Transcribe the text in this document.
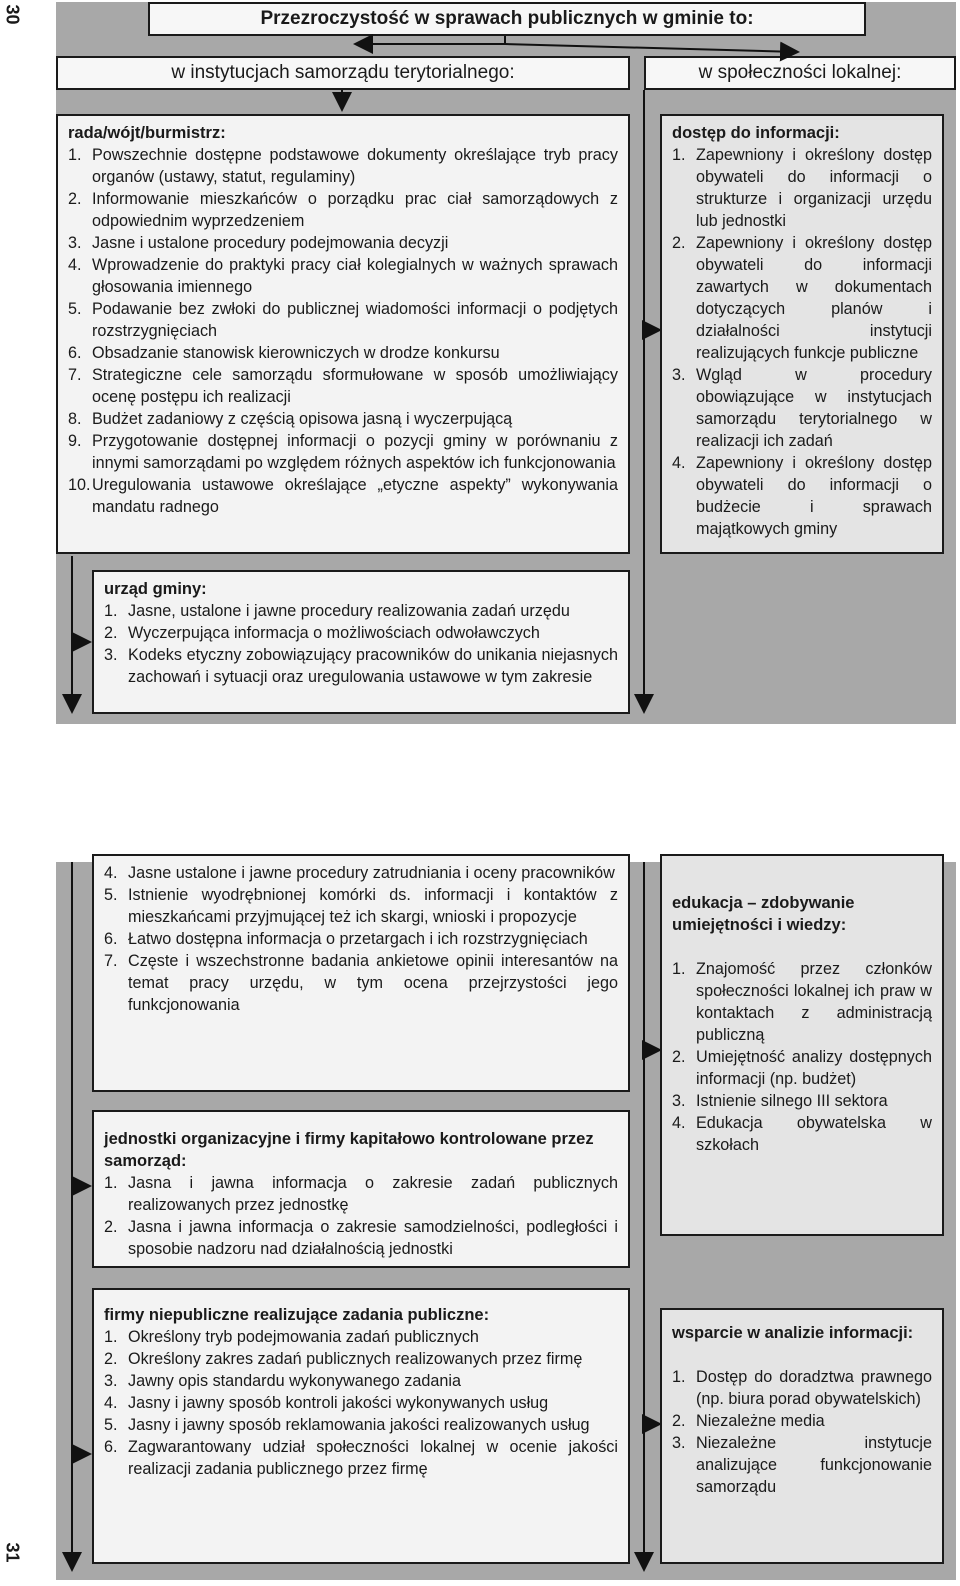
30
31
Przezroczystość w sprawach publicznych w gminie to:
w instytucjach samorządu terytorialnego:	w społeczności lokalnej:
rada/wójt/burmistrz:
1. Powszechnie dostępne podstawowe dokumenty określające tryb pracy organów (ustawy, statut, regulaminy)
2. Informowanie mieszkańców o porządku prac ciał samorządowych z odpowiednim wyprzedzeniem
3. Jasne i ustalone procedury podejmowania decyzji
4. Wprowadzenie do praktyki pracy ciał kolegialnych w ważnych sprawach głosowania imiennego
5. Podawanie bez zwłoki do publicznej wiadomości informacji o podjętych rozstrzygnięciach
6. Obsadzanie stanowisk kierowniczych w drodze konkursu
7. Strategiczne cele samorządu sformułowane w sposób umożliwiający ocenę postępu ich realizacji
8. Budżet zadaniowy z częścią opisowa jasną i wyczerpującą
9. Przygotowanie dostępnej informacji o pozycji gminy w porównaniu z innymi samorządami po względem różnych aspektów ich funkcjonowania
10. Uregulowania ustawowe określające „etyczne aspekty” wykonywania mandatu radnego
dostęp do informacji:
1. Zapewniony i określony dostęp obywateli do informacji o strukturze i organizacji urzędu lub jednostki
2. Zapewniony i określony dostęp obywateli do informacji zawartych w dokumentach dotyczących planów i działalności instytucji realizujących funkcje publiczne
3. Wgląd w procedury obowiązujące w instytucjach samorządu terytorialnego w realizacji ich zadań
4. Zapewniony i określony dostęp obywateli do informacji o budżecie i sprawach majątkowych gminy
urząd gminy:
1. Jasne, ustalone i jawne procedury realizowania zadań urzędu
2. Wyczerpująca informacja o możliwościach odwoławczych
3. Kodeks etyczny zobowiązujący pracowników do unikania niejasnych zachowań i sytuacji oraz uregulowania ustawowe w tym zakresie
4. Jasne ustalone i jawne procedury zatrudniania i oceny pracowników
5. Istnienie wyodrębnionej komórki ds. informacji i kontaktów z mieszkańcami przyjmującej też ich skargi, wnioski i propozycje
6. Łatwo dostępna informacja o przetargach i ich rozstrzygnięciach
7. Częste i wszechstronne badania ankietowe opinii interesantów na temat pracy urzędu, w tym ocena przejrzystości jego funkcjonowania
edukacja – zdobywanie umiejętności i wiedzy:
1. Znajomość przez członków społeczności lokalnej ich praw w kontaktach z administracją publiczną
2. Umiejętność analizy dostępnych informacji (np. budżet)
3. Istnienie silnego III sektora
4. Edukacja obywatelska w szkołach
jednostki organizacyjne i firmy kapitałowo kontrolowane przez samorząd:
1. Jasna i jawna informacja o zakresie zadań publicznych realizowanych przez jednostkę
2. Jasna i jawna informacja o zakresie samodzielności, podległości i sposobie nadzoru nad działalnością jednostki
firmy niepubliczne realizujące zadania publiczne:
1. Określony tryb podejmowania zadań publicznych
2. Określony zakres zadań publicznych realizowanych przez firmę
3. Jawny opis standardu wykonywanego zadania
4. Jasny i jawny sposób kontroli jakości wykonywanych usług
5. Jasny i jawny sposób reklamowania jakości realizowanych usług
6. Zagwarantowany udział społeczności lokalnej w ocenie jakości realizacji zadania publicznego przez firmę
wsparcie w analizie informacji:
1. Dostęp do doradztwa prawnego (np. biura porad obywatelskich)
2. Niezależne media
3. Niezależne instytucje analizujące funkcjonowanie samorządu
